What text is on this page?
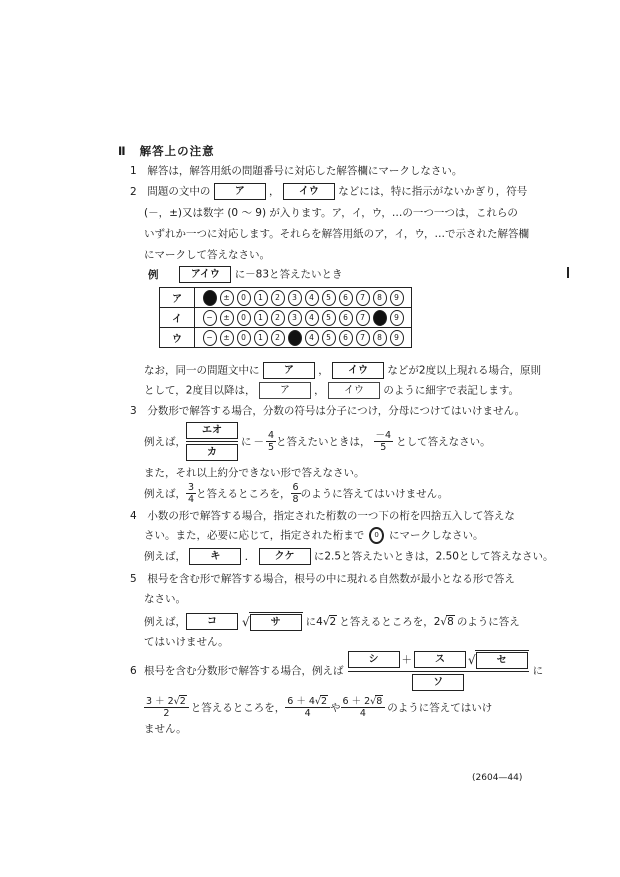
Ⅱ 解答上の注意
1 解答は，解答用紙の問題番号に対応した解答欄にマークしなさい。
2 問題の文中の ア ， イウ などには，特に指示がないかぎり，符号
(－，±)又は数字 (0 ～ 9) が入ります。ア，イ，ウ，…の一つ一つは，これらの
いずれか一つに対応します。それらを解答用紙のア，イ，ウ，…で示された解答欄
にマークして答えなさい。
例	アイウ に－83と答えたいとき
ア	− ± 0 1 2 3 4 5 6 7 8 9
イ	− ± 0 1 2 3 4 5 6 7 8 9
ウ	− ± 0 1 2 3 4 5 6 7 8 9
なお，同一の問題文中に ア ， イウ などが2度以上現れる場合，原則
として，2度目以降は， ア ， イウ のように細字で表記します。
3 分数形で解答する場合，分数の符号は分子につけ，分母につけてはいけません。
例えば，
エオ
カ
に － $\frac{4}{5}$ と答えたいときは， $\frac{-4}{5}$ として答えなさい。
また，それ以上約分できない形で答えなさい。
例えば， $\frac{3}{4}$ と答えるところを， $\frac{6}{8}$ のように答えてはいけません。
4 小数の形で解答する場合，指定された桁数の一つ下の桁を四捨五入して答えな
さい。また，必要に応じて，指定された桁まで 0 にマークしなさい。
例えば， キ ． クケ に2.5と答えたいときは，2.50として答えなさい。
5 根号を含む形で解答する場合，根号の中に現れる自然数が最小となる形で答え
なさい。
例えば，	コ	√	サ	に 4 √ 2 と答えるところを， 2 √ 8 のように答え
てはいけません。
6 根号を含む分数形で解答する場合，例えば
シ	＋	ス	√	セ
ソ
に
$\frac{3 + 2√2}{2}$ と答えるところを， $\frac{6 + 4√2}{4}$ や $\frac{6 + 2√8}{4}$ のように答えてはいけ
ません。
(2604—44)
